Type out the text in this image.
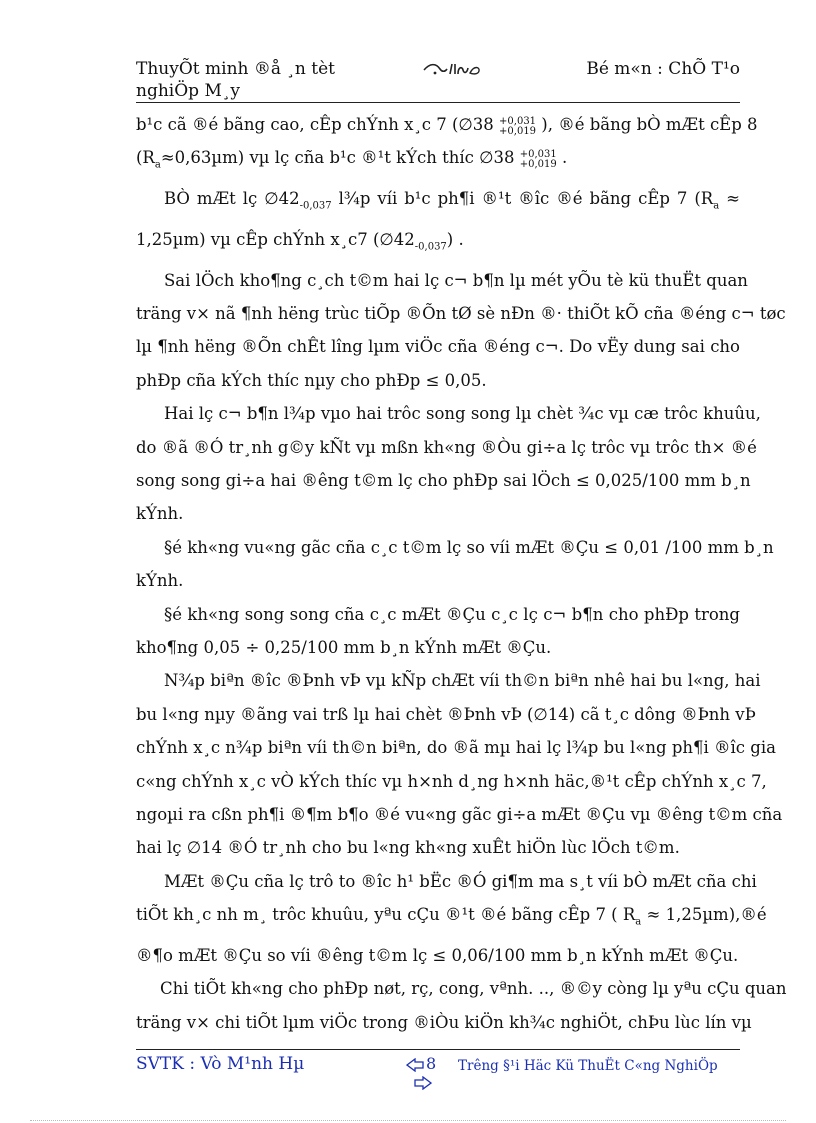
ThuyÕt minh ®å ¸n tèt nghiÖp M¸y
Bé m«n : ChÕ T¹o
b¹c cã ®é bãng cao, cÊp chÝnh x¸c 7 (∅38 +0,031
+0,019 ), ®é bãng bÒ mÆt cÊp 8
$(R_a\approx 0,63\mu m)$ vµ lç cña b¹c ®¹t kÝch thíc ∅38 +0,031
+0,019 .
BÒ mÆt lç $\emptyset 42_{-0,037}$ l¾p víi b¹c ph¶i ®¹t ®îc ®é bãng cÊp 7 ($R_a$ ≈
1,25µm) vµ cÊp chÝnh x¸c7 $(\emptyset 42_{-0,037})$ .
Sai lÖch kho¶ng c¸ch t©m hai lç c¬ b¶n lµ mét yÕu tè kü thuËt quan
träng v× nã ¶nh hëng trùc tiÕp ®Õn tØ sè nÐn ®· thiÕt kÕ cña ®éng c¬ tøc
lµ ¶nh hëng ®Õn chÊt lîng lµm viÖc cña ®éng c¬. Do vËy dung sai cho
phÐp cña kÝch thíc nµy cho phÐp ≤ 0,05.
Hai lç c¬ b¶n l¾p vµo hai trôc song song lµ chèt ¾c vµ cæ trôc khuûu,
do ®ã ®Ó tr¸nh g©y kÑt vµ mßn kh«ng ®Òu gi÷a lç trôc vµ trôc th× ®é
song song gi÷a hai ®êng t©m lç cho phÐp sai lÖch ≤ 0,025/100 mm b¸n
kÝnh.
§é kh«ng vu«ng gãc cña c¸c t©m lç so víi mÆt ®Çu ≤ 0,01 /100 mm b¸n
kÝnh.
§é kh«ng song song cña c¸c mÆt ®Çu c¸c lç c¬ b¶n cho phÐp trong
kho¶ng 0,05 ÷ 0,25/100 mm b¸n kÝnh mÆt ®Çu.
N¾p biªn ®îc ®Þnh vÞ vµ kÑp chÆt víi th©n biªn nhê hai bu l«ng, hai
bu l«ng nµy ®ãng vai trß lµ hai chèt ®Þnh vÞ (∅14) cã t¸c dông ®Þnh vÞ
chÝnh x¸c n¾p biªn víi th©n biªn, do ®ã mµ hai lç l¾p bu l«ng ph¶i ®îc gia
c«ng chÝnh x¸c vÒ kÝch thíc vµ h×nh d¸ng h×nh häc,®¹t cÊp chÝnh x¸c 7,
ngoµi ra cßn ph¶i ®¶m b¶o ®é vu«ng gãc gi÷a mÆt ®Çu vµ ®êng t©m cña
hai lç ∅14 ®Ó tr¸nh cho bu l«ng kh«ng xuÊt hiÖn lùc lÖch t©m.
MÆt ®Çu cña lç trô to ®îc h¹ bËc ®Ó gi¶m ma s¸t víi bÒ mÆt cña chi
tiÕt kh¸c nh m¸ trôc khuûu, yªu cÇu ®¹t ®é bãng cÊp 7 ( $R_a$ ≈ 1,25µm),®é
®¶o mÆt ®Çu so víi ®êng t©m lç ≤ 0,06/100 mm b¸n kÝnh mÆt ®Çu.
Chi tiÕt kh«ng cho phÐp nøt, rç, cong, vªnh. .., ®©y còng lµ yªu cÇu quan
träng v× chi tiÕt lµm viÖc trong ®iÒu kiÖn kh¾c nghiÖt, chÞu lùc lín vµ
SVTK : Vò M¹nh Hµ	8 Trêng §¹i Häc Kü ThuËt C«ng NghiÖp
